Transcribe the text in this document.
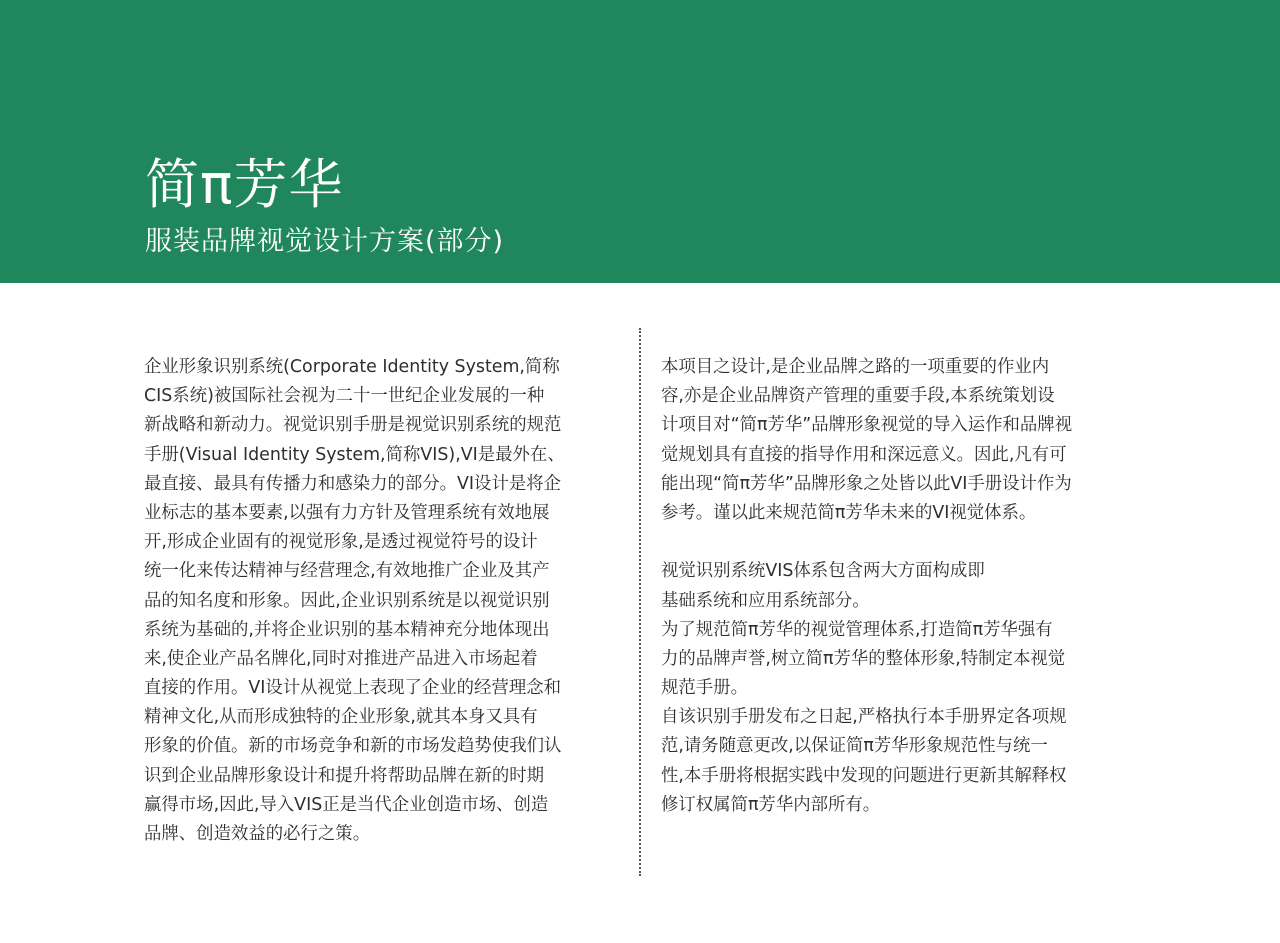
简π芳华
服装品牌视觉设计方案(部分)
企业形象识别系统(Corporate Identity System,简称
CIS系统)被国际社会视为二十一世纪企业发展的一种
新战略和新动力。视觉识别手册是视觉识别系统的规范
手册(Visual Identity System,简称VIS),VI是最外在、
最直接、最具有传播力和感染力的部分。VI设计是将企
业标志的基本要素,以强有力方针及管理系统有效地展
开,形成企业固有的视觉形象,是透过视觉符号的设计
统一化来传达精神与经营理念,有效地推广企业及其产
品的知名度和形象。因此,企业识别系统是以视觉识别
系统为基础的,并将企业识别的基本精神充分地体现出
来,使企业产品名牌化,同时对推进产品进入市场起着
直接的作用。VI设计从视觉上表现了企业的经营理念和
精神文化,从而形成独特的企业形象,就其本身又具有
形象的价值。新的市场竞争和新的市场发趋势使我们认
识到企业品牌形象设计和提升将帮助品牌在新的时期
赢得市场,因此,导入VIS正是当代企业创造市场、创造
品牌、创造效益的必行之策。
本项目之设计,是企业品牌之路的一项重要的作业内
容,亦是企业品牌资产管理的重要手段,本系统策划设
计项目对“简π芳华”品牌形象视觉的导入运作和品牌视
觉规划具有直接的指导作用和深远意义。因此,凡有可
能出现“简π芳华”品牌形象之处皆以此VI手册设计作为
参考。谨以此来规范简π芳华未来的VI视觉体系。
视觉识别系统VIS体系包含两大方面构成即
基础系统和应用系统部分。
为了规范简π芳华的视觉管理体系,打造简π芳华强有
力的品牌声誉,树立简π芳华的整体形象,特制定本视觉
规范手册。
自该识别手册发布之日起,严格执行本手册界定各项规
范,请务随意更改,以保证简π芳华形象规范性与统一
性,本手册将根据实践中发现的问题进行更新其解释权
修订权属简π芳华内部所有。
